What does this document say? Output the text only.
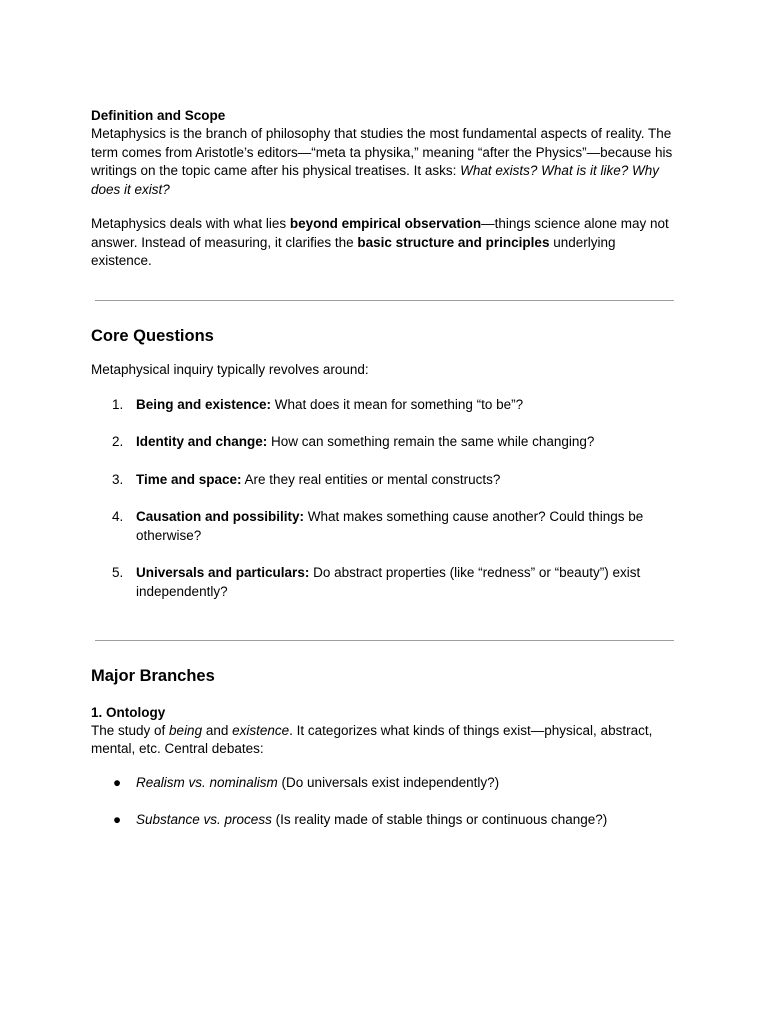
Definition and Scope

Metaphysics is the branch of philosophy that studies the most fundamental aspects of reality. The term comes from Aristotle’s editors—“meta ta physika,” meaning “after the Physics”—because his writings on the topic came after his physical treatises. It asks: What exists? What is it like? Why does it exist?

Metaphysics deals with what lies beyond empirical observation—things science alone may not answer. Instead of measuring, it clarifies the basic structure and principles underlying existence.

Core Questions

Metaphysical inquiry typically revolves around:

1. Being and existence: What does it mean for something “to be”?
2. Identity and change: How can something remain the same while changing?
3. Time and space: Are they real entities or mental constructs?
4. Causation and possibility: What makes something cause another? Could things be otherwise?
5. Universals and particulars: Do abstract properties (like “redness” or “beauty”) exist independently?
Major Branches

1. Ontology

The study of being and existence. It categorizes what kinds of things exist—physical, abstract, mental, etc. Central debates:

● Realism vs. nominalism (Do universals exist independently?)
● Substance vs. process (Is reality made of stable things or continuous change?)
